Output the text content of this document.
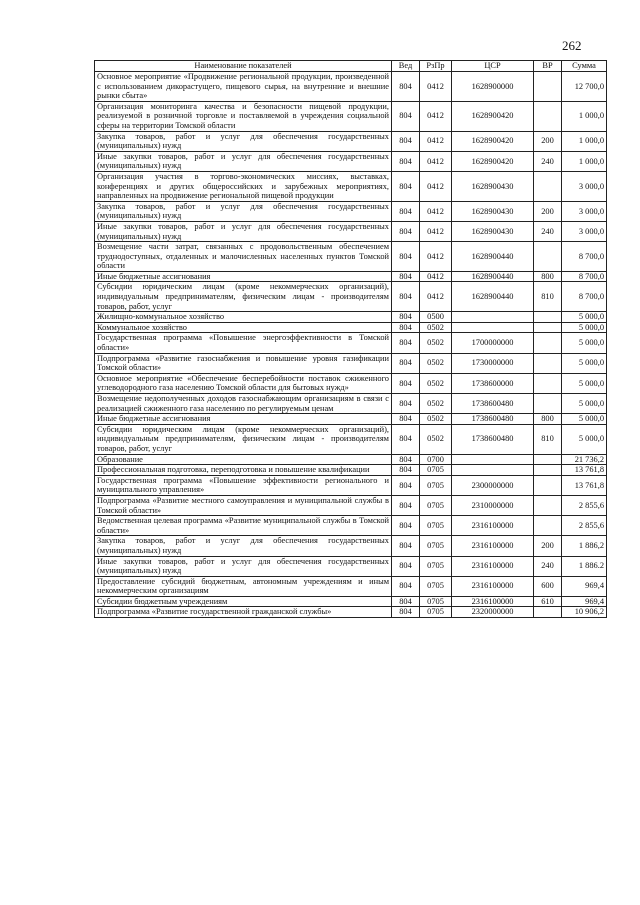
262
Наименование показателей	Вед	РзПр	ЦСР	ВР	Сумма
Основное мероприятие «Продвижение региональной продукции, произведенной с использованием дикорастущего, пищевого сырья, на внутренние и внешние рынки сбыта»	804	0412	1628900000		12 700,0
Организация мониторинга качества и безопасности пищевой продукции, реализуемой в розничной торговле и поставляемой в учреждения социальной сферы на территории Томской области	804	0412	1628900420		1 000,0
Закупка товаров, работ и услуг для обеспечения государственных (муниципальных) нужд	804	0412	1628900420	200	1 000,0
Иные закупки товаров, работ и услуг для обеспечения государственных (муниципальных) нужд	804	0412	1628900420	240	1 000,0
Организация участия в торгово-экономических миссиях, выставках, конференциях и других общероссийских и зарубежных мероприятиях, направленных на продвижение региональной пищевой продукции	804	0412	1628900430		3 000,0
Закупка товаров, работ и услуг для обеспечения государственных (муниципальных) нужд	804	0412	1628900430	200	3 000,0
Иные закупки товаров, работ и услуг для обеспечения государственных (муниципальных) нужд	804	0412	1628900430	240	3 000,0
Возмещение части затрат, связанных с продовольственным обеспечением труднодоступных, отдаленных и малочисленных населенных пунктов Томской области	804	0412	1628900440		8 700,0
Иные бюджетные ассигнования	804	0412	1628900440	800	8 700,0
Субсидии юридическим лицам (кроме некоммерческих организаций), индивидуальным предпринимателям, физическим лицам - производителям товаров, работ, услуг	804	0412	1628900440	810	8 700,0
Жилищно-коммунальное хозяйство	804	0500			5 000,0
Коммунальное хозяйство	804	0502			5 000,0
Государственная программа «Повышение энергоэффективности в Томской области»	804	0502	1700000000		5 000,0
Подпрограмма «Развитие газоснабжения и повышение уровня газификации Томской области»	804	0502	1730000000		5 000,0
Основное мероприятие «Обеспечение бесперебойности поставок сжиженного углеводородного газа населению Томской области для бытовых нужд»	804	0502	1738600000		5 000,0
Возмещение недополученных доходов газоснабжающим организациям в связи с реализацией сжиженного газа населению по регулируемым ценам	804	0502	1738600480		5 000,0
Иные бюджетные ассигнования	804	0502	1738600480	800	5 000,0
Субсидии юридическим лицам (кроме некоммерческих организаций), индивидуальным предпринимателям, физическим лицам - производителям товаров, работ, услуг	804	0502	1738600480	810	5 000,0
Образование	804	0700			21 736,2
Профессиональная подготовка, переподготовка и повышение квалификации	804	0705			13 761,8
Государственная программа «Повышение эффективности регионального и муниципального управления»	804	0705	2300000000		13 761,8
Подпрограмма «Развитие местного самоуправления и муниципальной службы в Томской области»	804	0705	2310000000		2 855,6
Ведомственная целевая программа «Развитие муниципальной службы в Томской области»	804	0705	2316100000		2 855,6
Закупка товаров, работ и услуг для обеспечения государственных (муниципальных) нужд	804	0705	2316100000	200	1 886,2
Иные закупки товаров, работ и услуг для обеспечения государственных (муниципальных) нужд	804	0705	2316100000	240	1 886.2
Предоставление субсидий бюджетным, автономным учреждениям и иным некоммерческим организациям	804	0705	2316100000	600	969,4
Субсидии бюджетным учреждениям	804	0705	2316100000	610	969,4
Подпрограмма «Развитие государственной гражданской службы»	804	0705	2320000000		10 906,2
